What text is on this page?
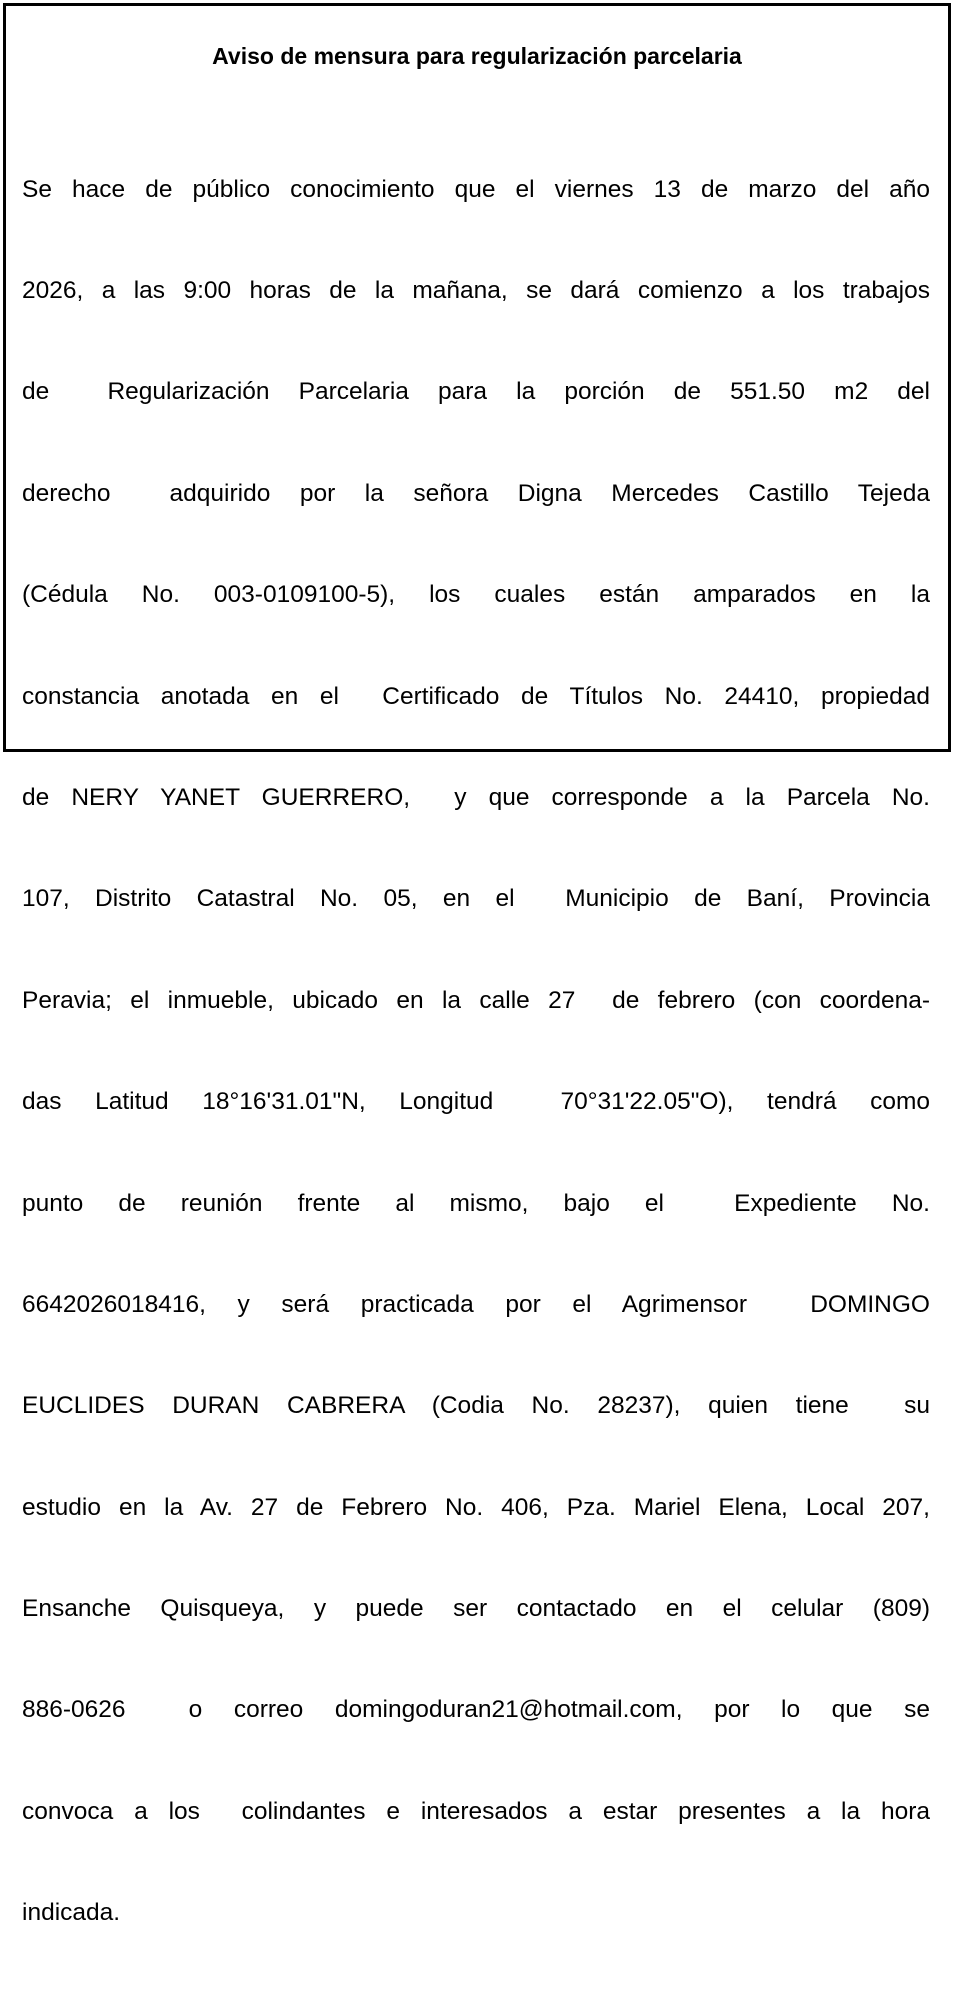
Aviso de mensura para regularización parcelaria

Se hace de público conocimiento que el viernes 13 de marzo del año

2026, a las 9:00 horas de la mañana, se dará comienzo a los trabajos

de  Regularización Parcelaria para la porción de 551.50 m2 del

derecho  adquirido por la señora Digna Mercedes Castillo Tejeda

(Cédula No. 003-0109100-5), los cuales están amparados en la

constancia anotada en el  Certificado de Títulos No. 24410, propiedad

de NERY YANET GUERRERO,  y que corresponde a la Parcela No.

107, Distrito Catastral No. 05, en el  Municipio de Baní, Provincia

Peravia; el inmueble, ubicado en la calle 27  de febrero (con coordena-

das Latitud 18°16'31.01"N, Longitud  70°31'22.05"O), tendrá como

punto de reunión frente al mismo, bajo el  Expediente No.

6642026018416, y será practicada por el Agrimensor  DOMINGO

EUCLIDES DURAN CABRERA (Codia No. 28237), quien tiene  su

estudio en la Av. 27 de Febrero No. 406, Pza. Mariel Elena, Local 207,

Ensanche Quisqueya, y puede ser contactado en el celular (809)

886-0626  o correo domingoduran21@hotmail.com, por lo que se

convoca a los  colindantes e interesados a estar presentes a la hora

indicada.
